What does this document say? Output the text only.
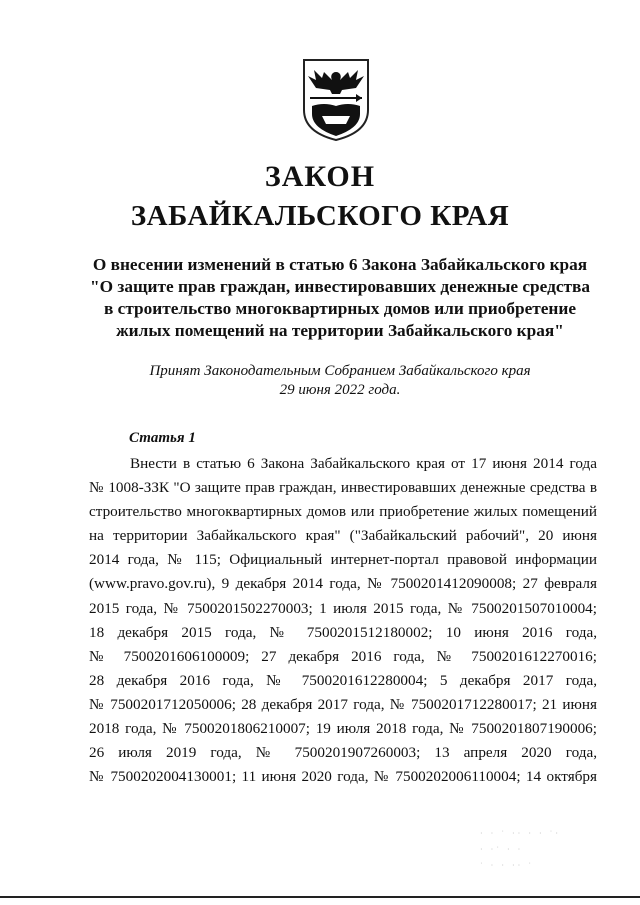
ЗАКОН
ЗАБАЙКАЛЬСКОГО КРАЯ
О внесении изменений в статью 6 Закона Забайкальского края
"О защите прав граждан, инвестировавших денежные средства
в строительство многоквартирных домов или приобретение
жилых помещений на территории Забайкальского края"
Принят Законодательным Собранием Забайкальского края
29 июня 2022 года.
Статья 1
Внести в статью 6 Закона Забайкальского края от 17 июня 2014 года
№ 1008-ЗЗК "О защите прав граждан, инвестировавших денежные средства в
строительство многоквартирных домов или приобретение жилых помещений
на территории Забайкальского края" ("Забайкальский рабочий", 20 июня
2014 года, № 115; Официальный интернет-портал правовой информации
(www.pravo.gov.ru), 9 декабря 2014 года, № 7500201412090008; 27 февраля
2015 года, № 7500201502270003; 1 июля 2015 года, № 7500201507010004;
18 декабря 2015 года, № 7500201512180002; 10 июня 2016 года,
№ 7500201606100009; 27 декабря 2016 года, № 7500201612270016;
28 декабря 2016 года, № 7500201612280004; 5 декабря 2017 года,
№ 7500201712050006; 28 декабря 2017 года, № 7500201712280017; 21 июня
2018 года, № 7500201806210007; 19 июля 2018 года, № 7500201807190006;
26 июля 2019 года, № 7500201907260003; 13 апреля 2020 года,
№ 7500202004130001; 11 июня 2020 года, № 7500202006110004; 14 октября
· · ˙ ·· · · ˙·
· ·˙ · ·
˙ · · ·· ˙
